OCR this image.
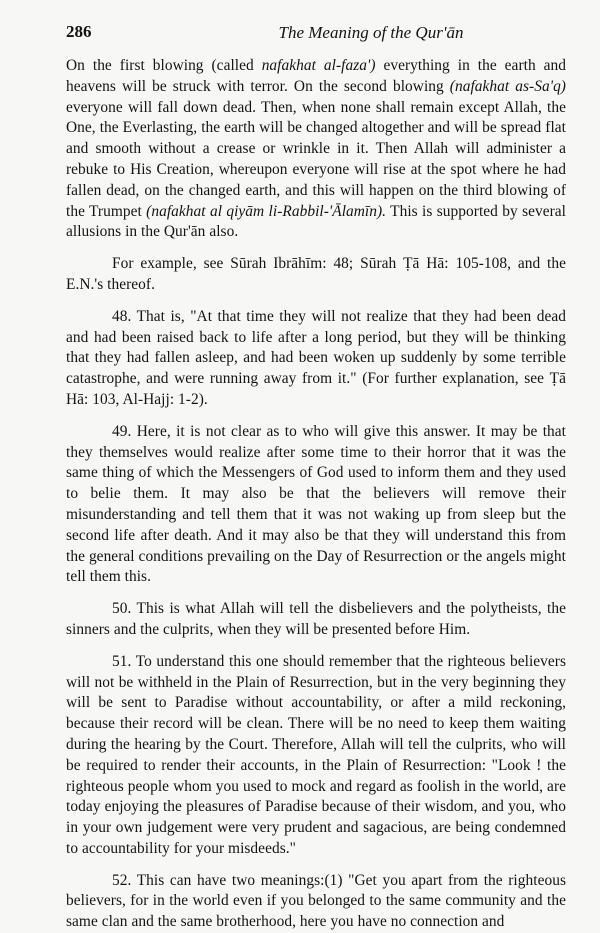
286	The Meaning of the Qur'ān

On the first blowing (called nafakhat al-faza') everything in the earth and heavens will be struck with terror. On the second blowing (nafakhat as-Sa'q) everyone will fall down dead. Then, when none shall remain except Allah, the One, the Everlasting, the earth will be changed altogether and will be spread flat and smooth without a crease or wrinkle in it. Then Allah will administer a rebuke to His Creation, whereupon everyone will rise at the spot where he had fallen dead, on the changed earth, and this will happen on the third blowing of the Trumpet (nafakhat al qiyām li-Rabbil-'Ālamīn). This is supported by several allusions in the Qur'ān also.

For example, see Sūrah Ibrāhīm: 48; Sūrah Ṭā Hā: 105-108, and the E.N.'s thereof.

48. That is, "At that time they will not realize that they had been dead and had been raised back to life after a long period, but they will be thinking that they had fallen asleep, and had been woken up suddenly by some terrible catastrophe, and were running away from it." (For further explanation, see Ṭā Hā: 103, Al-Hajj: 1-2).

49. Here, it is not clear as to who will give this answer. It may be that they themselves would realize after some time to their horror that it was the same thing of which the Messengers of God used to inform them and they used to belie them. It may also be that the believers will remove their misunderstanding and tell them that it was not waking up from sleep but the second life after death. And it may also be that they will understand this from the general conditions prevailing on the Day of Resurrection or the angels might tell them this.

50. This is what Allah will tell the disbelievers and the polytheists, the sinners and the culprits, when they will be presented before Him.

51. To understand this one should remember that the righteous believers will not be withheld in the Plain of Resurrection, but in the very beginning they will be sent to Paradise without accountability, or after a mild reckoning, because their record will be clean. There will be no need to keep them waiting during the hearing by the Court. Therefore, Allah will tell the culprits, who will be required to render their accounts, in the Plain of Resurrection: "Look ! the righteous people whom you used to mock and regard as foolish in the world, are today enjoying the pleasures of Paradise because of their wisdom, and you, who in your own judgement were very prudent and sagacious, are being condemned to accountability for your misdeeds."

52. This can have two meanings:(1) "Get you apart from the righteous believers, for in the world even if you belonged to the same community and the same clan and the same brotherhood, here you have no connection and
